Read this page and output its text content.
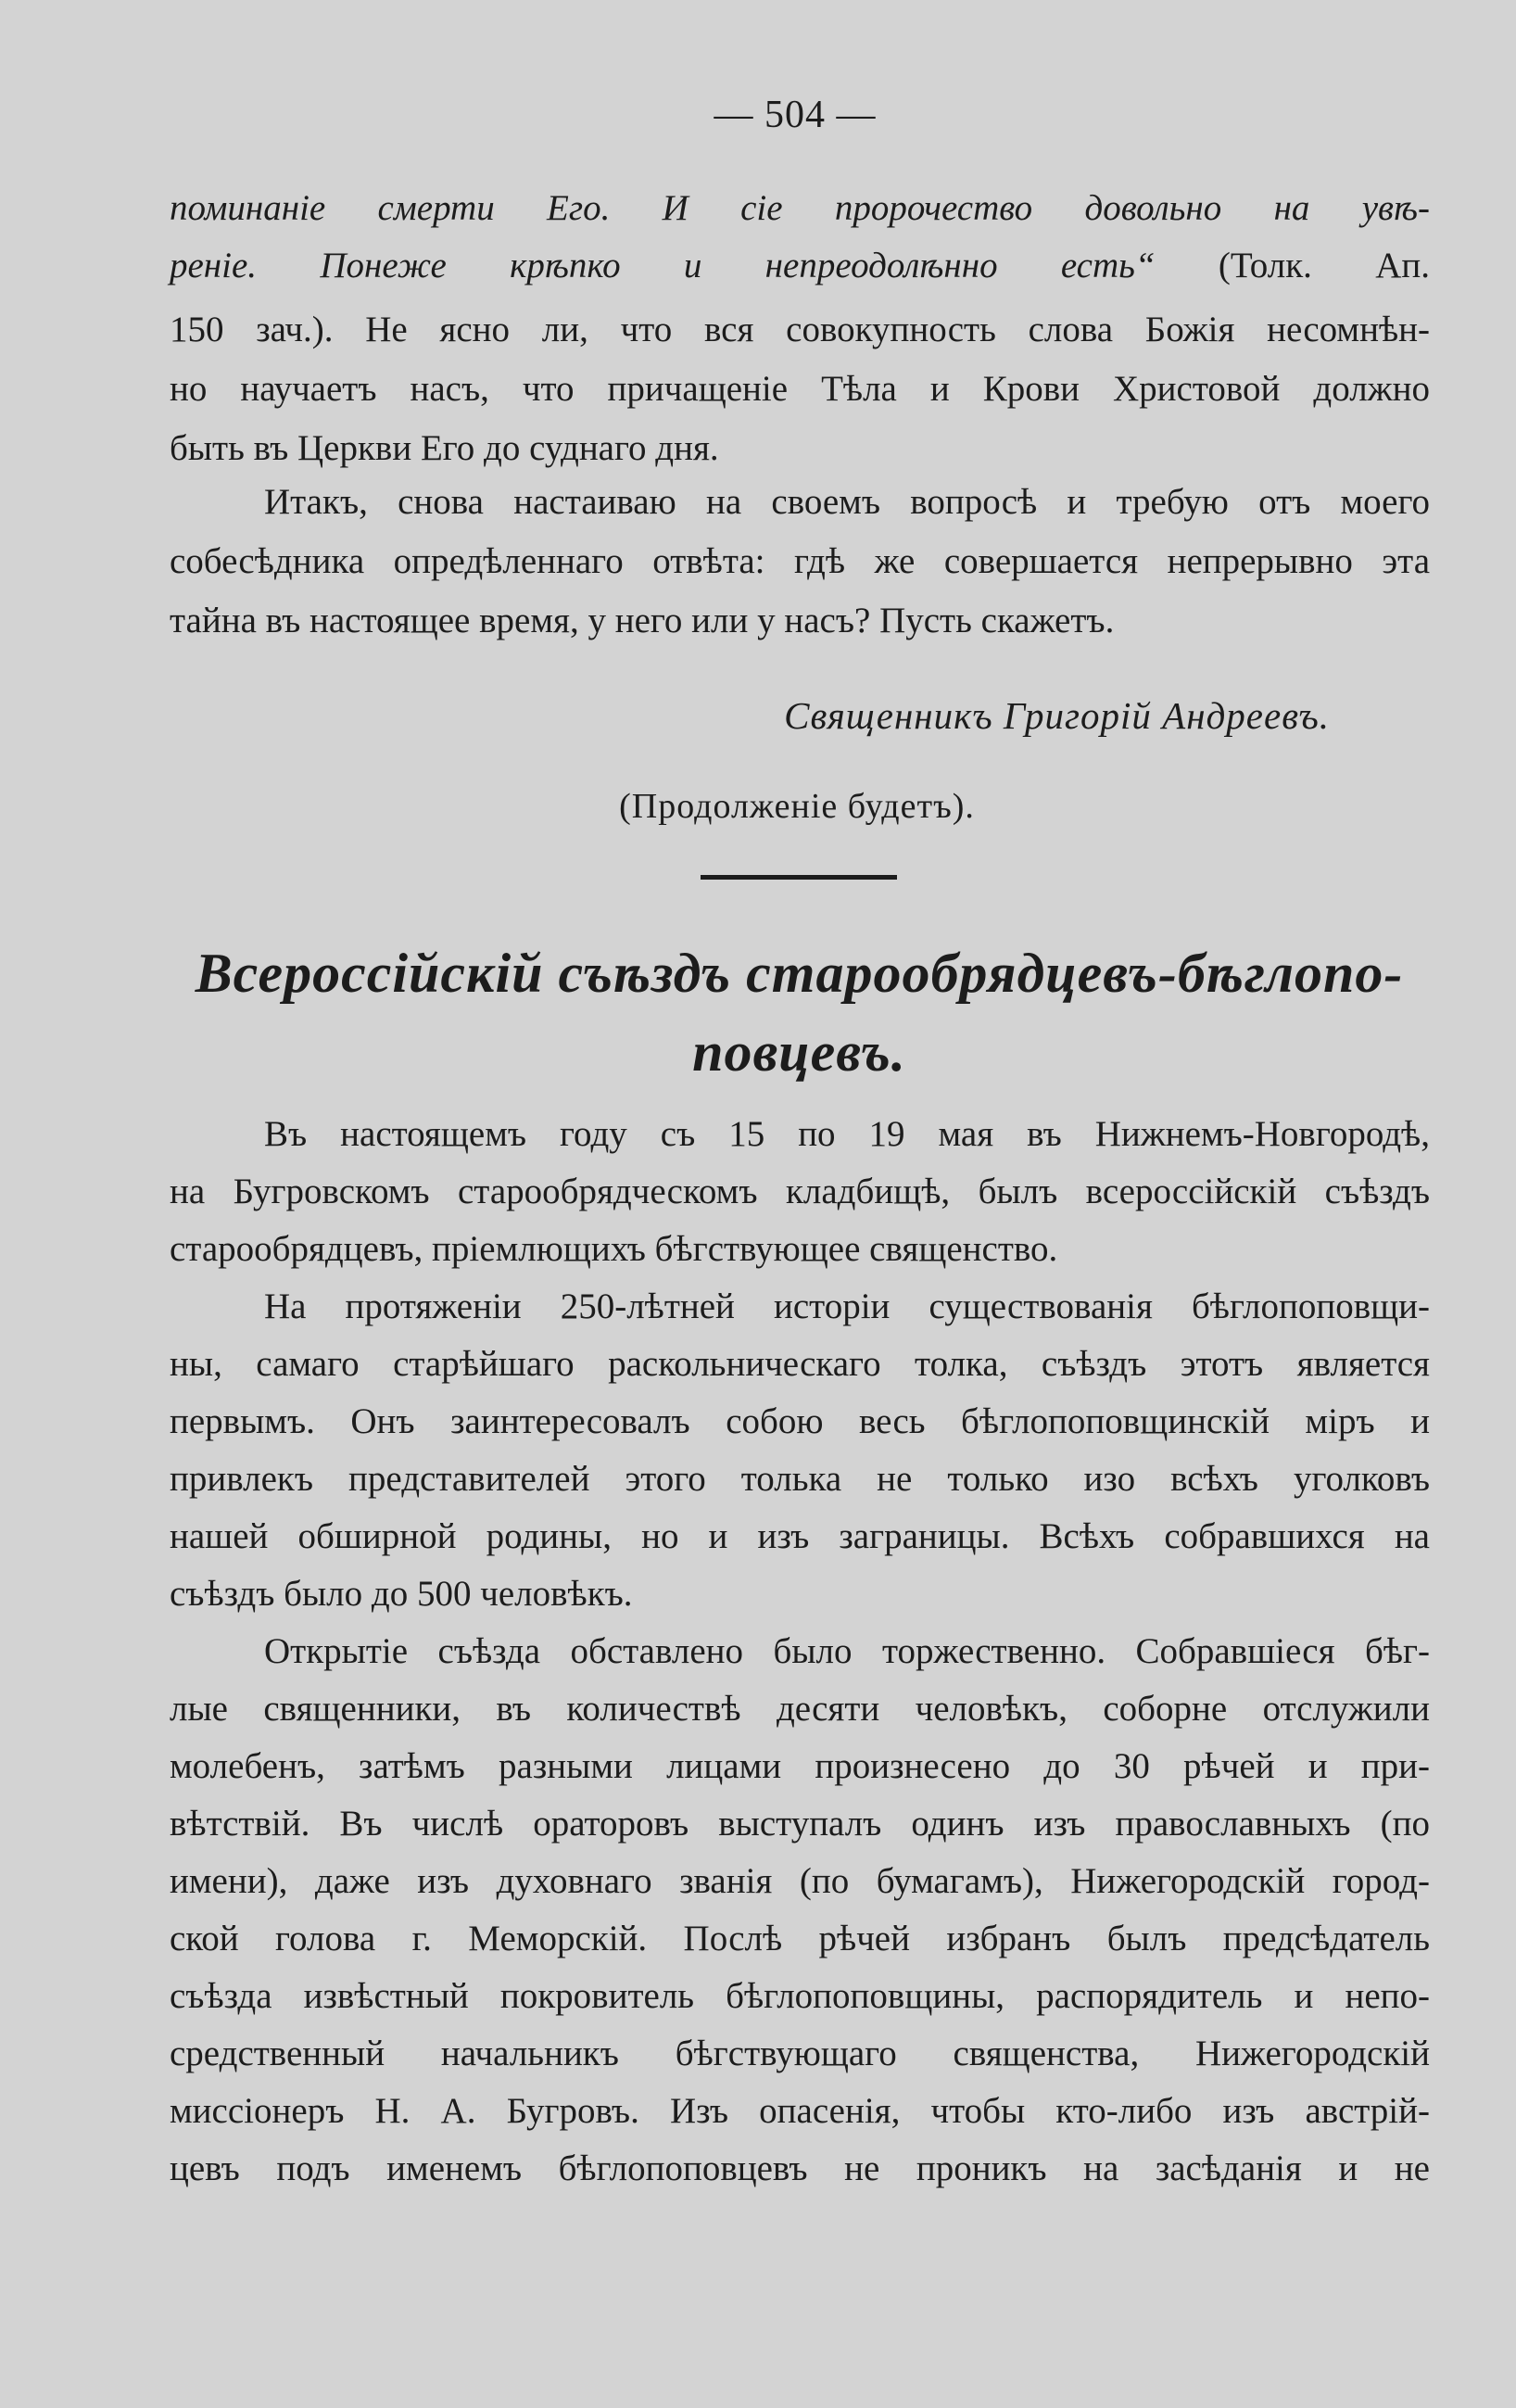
— 504 —
поминаніе смерти Его. И сіе пророчество довольно на увѣ-
реніе. Понеже крѣпко и непреодолѣнно есть“ (Толк. Ап.
150 зач.). Не ясно ли, что вся совокупность слова Божія несомнѣн-
но научаетъ насъ, что причащеніе Тѣла и Крови Христовой должно
быть въ Церкви Его до суднаго дня.
Итакъ, снова настаиваю на своемъ вопросѣ и требую отъ моего
собесѣдника опредѣленнаго отвѣта: гдѣ же совершается непрерывно эта
тайна въ настоящее время, у него или у насъ? Пусть скажетъ.
Священникъ Григорій Андреевъ.
(Продолженіе будетъ).
Всероссійскій съѣздъ старообрядцевъ-бѣглопо-
повцевъ.
Въ настоящемъ году съ 15 по 19 мая въ Нижнемъ-Новгородѣ,
на Бугровскомъ старообрядческомъ кладбищѣ, былъ всероссійскій съѣздъ
старообрядцевъ, пріемлющихъ бѣгствующее священство.
На протяженіи 250-лѣтней исторіи существованія бѣглопоповщи-
ны, самаго старѣйшаго раскольническаго толка, съѣздъ этотъ является
первымъ. Онъ заинтересовалъ собою весь бѣглопоповщинскій міръ и
привлекъ представителей этого толька не только изо всѣхъ уголковъ
нашей обширной родины, но и изъ заграницы. Всѣхъ собравшихся на
съѣздъ было до 500 человѣкъ.
Открытіе съѣзда обставлено было торжественно. Собравшіеся бѣг-
лые священники, въ количествѣ десяти человѣкъ, соборне отслужили
молебенъ, затѣмъ разными лицами произнесено до 30 рѣчей и при-
вѣтствій. Въ числѣ ораторовъ выступалъ одинъ изъ православныхъ (по
имени), даже изъ духовнаго званія (по бумагамъ), Нижегородскій город-
ской голова г. Меморскій. Послѣ рѣчей избранъ былъ предсѣдатель
съѣзда извѣстный покровитель бѣглопоповщины, распорядитель и непо-
средственный начальникъ бѣгствующаго священства, Нижегородскій
миссіонеръ Н. А. Бугровъ. Изъ опасенія, чтобы кто-либо изъ австрій-
цевъ подъ именемъ бѣглопоповцевъ не проникъ на засѣданія и не
